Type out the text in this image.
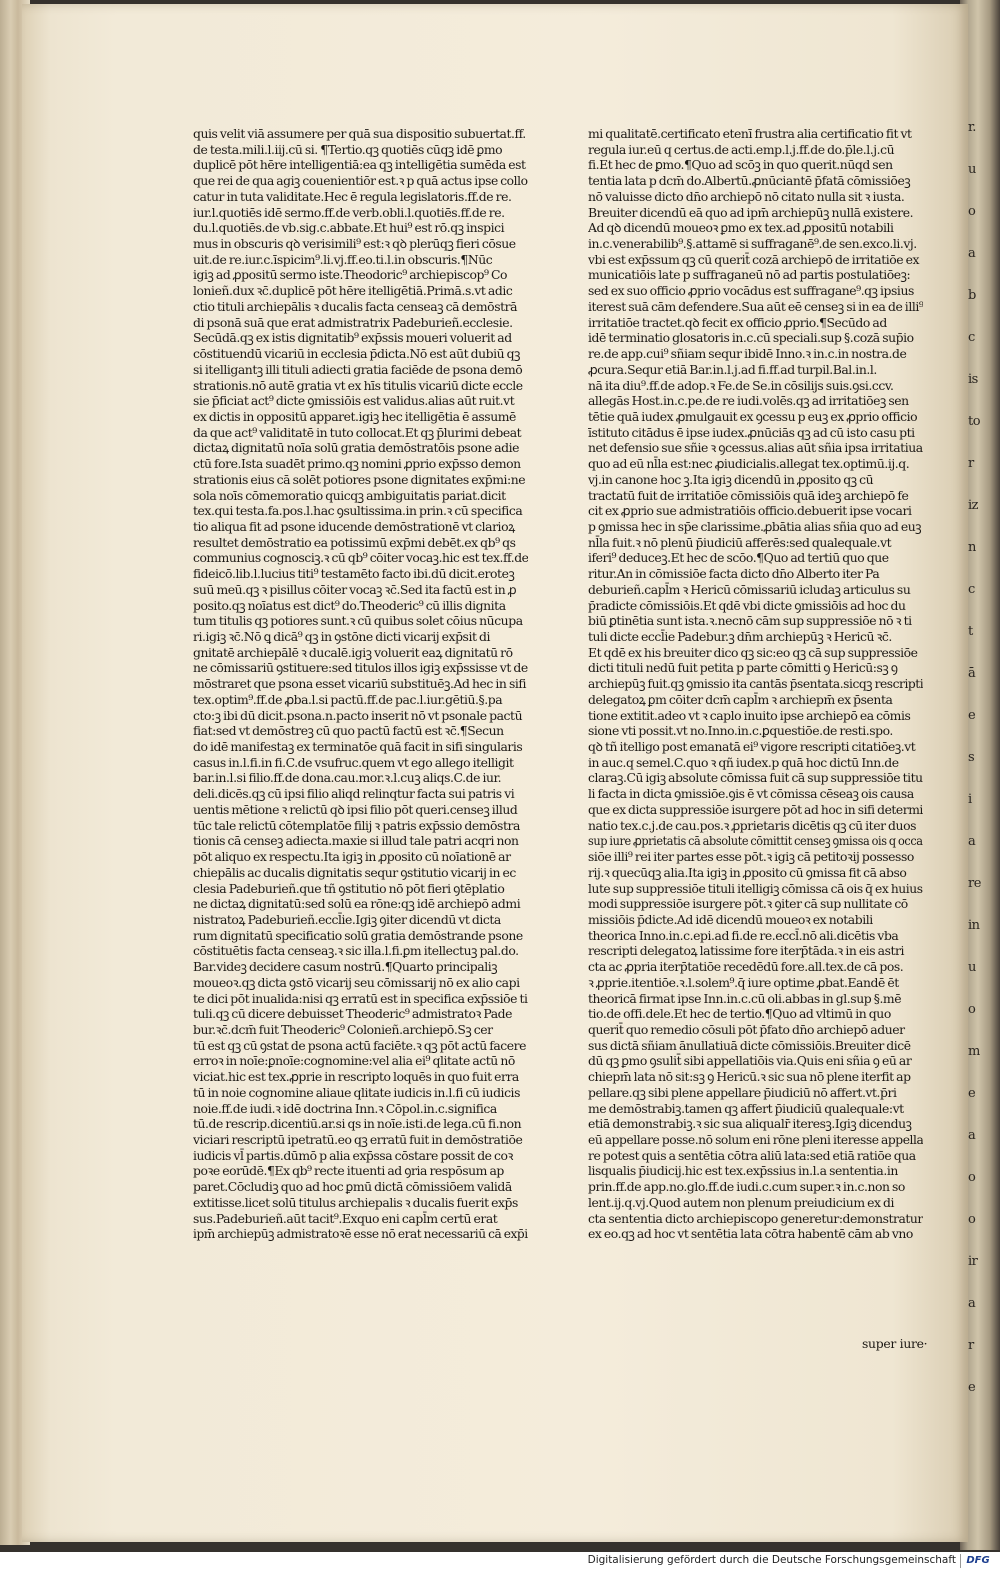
r.
u
o
a
b
c
is
to
r
iz
n
c
t
ā
e
s
i
a
re
in
u
o
m
e
a
o
o
ir
a
r
e
quis velit viā assumere per quā sua dispositio subuertat.ff.
de testa.mili.l.iij.cū si. ¶Tertio.qꝫ quotiēs cūqꝫ idē ꝑmo
duplicē pōt hēre intelligentiā:ea qꝫ intelligētia sumēda est
que rei de qua agiꝫ couenientiōr est.ꝛ p quā actus ipse collo
catur in tuta validitate.Hec ē regula legislatoris.ff.de re.
iur.l.quotiēs idē sermo.ff.de verb.obli.l.quotiēs.ff.de re.
du.l.quotiēs.de vb.sig.c.abbate.Et hui⁹ est rō.qꝫ inspici
mus in obscuris qꝺ verisimili⁹ est:ꝛ qꝺ plerūqꝫ fieri cōsue
uit.de re.iur.c.īspicim⁹.li.vj.ff.eo.ti.l.in obscuris.¶Nūc
igiꝫ ad ꝓpositū sermo iste.Theodoric⁹ archiepiscop⁹ Co
lonieñ.dux ꝛc̄.duplicē pōt hēre itelligētiā.Primā.s.vt adic
ctio tituli archiepālis ꝛ ducalis facta censeaꝫ cā demōstrā
di psonā suā que erat admistratrix Padeburieñ.ecclesie.
Secūdā.qꝫ ex istis dignitatib⁹ exp̄ssis moueri voluerit ad
cōstituendū vicariū in ecclesia p̄dicta.Nō est aūt dubiū qꝫ
si itelligantꝫ illi tituli adiecti gratia faciēde de psona demō
strationis.nō autē gratia vt ex hīs titulis vicariū dicte eccle
sie p̄ficiat act⁹ dicte ꝯmissiōis est validus.alias aūt ruit.vt
ex dictis in oppositū apparet.igiꝫ hec itelligētia ē assumē
da que act⁹ validitatē in tuto collocat.Et qꝫ p̄lurimi debeat
dictaꝝ dignitatū noīa solū gratia demōstratōis psone adie
ctū fore.Ista suadēt primo.qꝫ nomini ꝓprio exp̄sso demon
strationis eius cā solēt potiores psone dignitates exp̄mi:ne
sola noīs cōmemoratio quicqꝫ ambiguitatis pariat.dicit
tex.qui testa.fa.pos.l.hac ꝯsultissima.in prin.ꝛ cū specifica
tio aliqua fit ad psone iducende demōstrationē vt clarioꝝ
resultet demōstratio ea potissimū exp̄mi debēt.ex qb⁹ qs
communius cognosciꝫ.ꝛ cū qb⁹ cōiter vocaꝫ.hic est tex.ff.de
fideicō.lib.l.lucius titi⁹ testamēto facto ibi.dū dicit.eroteꝫ
suū meū.qꝫ ꝛ pisillus cōiter vocaꝫ ꝛc̄.Sed ita factū est in ꝓ
posito.qꝫ noīatus est dict⁹ do.Theoderic⁹ cū illis dignita
tum titulis qꝫ potiores sunt.ꝛ cū quibus solet cōius nūcupa
ri.igiꝫ ꝛc̄.Nō ꝗ dicā⁹ qꝫ in ꝯstōne dicti vicarij exp̄sit di
gnitatē archiepālē ꝛ ducalē.igiꝫ voluerit eaꝝ dignitatū rō
ne cōmissariū ꝯstituere:sed titulos illos igiꝫ exp̄ssisse vt de
mōstraret que psona esset vicariū substituēꝫ.Ad hec in sifi
tex.optim⁹.ff.de ꝓba.l.si pactū.ff.de pac.l.iur.gētiū.§.pa
cto:ꝫ ibi dū dicit.psona.n.pacto inserit nō vt psonale pactū
fiat:sed vt demōstreꝫ cū quo pactū factū est ꝛc̄.¶Secun
do idē manifestaꝫ ex terminatōe quā facit in sifi singularis
casus in.l.fi.in fi.C.de vsufruc.quem vt ego allego itelligit
bar.in.l.si filio.ff.de dona.cau.mor.ꝛ.l.cuꝫ aliqs.C.de iur.
deli.dicēs.qꝫ cū ipsi filio aliqd relinqtur facta sui patris vi
uentis mētione ꝛ relictū qꝺ ipsi filio pōt queri.censeꝫ illud
tūc tale relictū cōtemplatōe filij ꝛ patris exp̄ssio demōstra
tionis cā censeꝫ adiecta.maxie si illud tale patri acqri non
pōt aliquo ex respectu.Ita igiꝫ in ꝓposito cū noīationē ar
chiepālis ac ducalis dignitatis sequr ꝯstitutio vicarij in ec
clesia Padeburieñ.que tñ ꝯstitutio nō pōt fieri ꝯtēplatio
ne dictaꝝ dignitatū:sed solū ea rōne:qꝫ idē archiepō admi
nistratoꝝ Padeburieñ.eccl̄ie.Igiꝫ ꝯiter dicendū vt dicta
rum dignitatū specificatio solū gratia demōstrande psone
cōstituētis facta censeaꝫ.ꝛ sic illa.l.fi.ꝑm itellectuꝫ pal.do.
Bar.videꝫ decidere casum nostrū.¶Quarto principaliꝫ
moueoꝛ.qꝫ dicta ꝯstō vicarij seu cōmissarij nō ex alio capi
te dici pōt inualida:nisi qꝫ erratū est in specifica exp̄ssiōe ti
tuli.qꝫ cū dicere debuisset Theoderic⁹ admistratoꝛ Pade
bur.ꝛc̄.dcm̄ fuit Theoderic⁹ Colonieñ.archiepō.Sꝫ cer
tū est qꝫ cū ꝯstat de psona actū faciēte.ꝛ qꝫ pōt actū facere
erroꝛ in noīe:ꝑnoīe:cognomine:vel alia ei⁹ qlitate actū nō
viciat.hic est tex.ꝓprie in rescripto loquēs in quo fuit erra
tū in noie cognomine aliaue qlitate iudicis in.l.fi cū iudicis
noie.ff.de iudi.ꝛ idē doctrina Inn.ꝛ Cōpol.in.c.significa
tū.de rescrip.dicentiū.ar.si qs in noīe.isti.de lega.cū fi.non
viciari rescriptū ipetratū.eo qꝫ erratū fuit in demōstratiōe
iudicis vl̄ partis.dūmō p alia exp̄ssa cōstare possit de coꝛ
poꝛe eorūdē.¶Ex qb⁹ recte ituenti ad ꝯria respōsum ap
paret.Cōcludiꝫ quo ad hoc ꝑmū dictā cōmissiōem validā
extitisse.licet solū titulus archiepalis ꝛ ducalis fuerit exp̄s
sus.Padeburieñ.aūt tacit⁹.Exquo eni capl̄m certū erat
ipm̄ archiepūꝫ admistratoꝛē esse nō erat necessariū cā exp̄i
mi qualitatē.certificato etenī frustra alia certificatio fit vt
regula iur.eū q certus.de acti.emp.l.j.ff.de do.p̄le.l.j.cū
fi.Et hec de ꝑmo.¶Quo ad scōꝫ in quo querit.nūqd sen
tentia lata p dcm̄ do.Albertū.ꝓnūciantē p̄fatā cōmissiōeꝫ
nō valuisse dicto dn̄o archiepō nō citato nulla sit ꝛ iusta.
Breuiter dicendū eā quo ad ipm̄ archiepūꝫ nullā existere.
Ad qꝺ dicendū moueoꝛ ꝑmo ex tex.ad ꝓpositū notabili
in.c.venerabilib⁹.§.attamē si suffraganē⁹.de sen.exco.li.vj.
vbi est exp̄ssum qꝫ cū querit̄ cozā archiepō de irritatiōe ex
municatiōis late p suffraganeū nō ad partis postulatiōeꝫ:
sed ex suo officio ꝓprio vocādus est suffragane⁹.qꝫ ipsius
iterest suā cām defendere.Sua aūt eē censeꝫ si in ea de illi⁹
irritatiōe tractet.qꝺ fecit ex officio ꝓprio.¶Secūdo ad
idē terminatio glosatoris in.c.cū speciali.sup §.cozā sup̄io
re.de app.cui⁹ sñiam sequr ibidē Inno.ꝛ in.c.in nostra.de
ꝓcura.Sequr etiā Bar.in.l.j.ad fi.ff.ad turpil.Bal.in.l.
nā ita diu⁹.ff.de adop.ꝛ Fe.de Se.in cōsilijs suis.ꝯsi.ccv.
allegās Host.in.c.pe.de re iudi.volēs.qꝫ ad irritatiōeꝫ sen
tētie quā iudex ꝓmulgauit ex ꝯcessu p euꝫ ex ꝓprio officio
īstituto citādus ē ipse iudex.ꝓnūciās qꝫ ad cū isto casu pti
net defensio sue sñie ꝛ ꝯcessus.alias aūt sñia ipsa irritatiua
quo ad eū nl̄la est:nec ꝓiudicialis.allegat tex.optimū.ij.q.
vj.in canone hoc ꝫ.Ita igiꝫ dicendū in ꝓposito qꝫ cū
tractatū fuit de irritatiōe cōmissiōis quā ideꝫ archiepō fe
cit ex ꝓprio sue admistratiōis officio.debuerit ipse vocari
p ꝯmissa hec in sp̄e clarissime.ꝓbātia alias sñia quo ad euꝫ
nl̄la fuit.ꝛ nō plenū p̄iudiciū afferēs:sed qualequale.vt
iferi⁹ deduceꝫ.Et hec de scōo.¶Quo ad tertiū quo que
ritur.An in cōmissiōe facta dicto dn̄o Alberto iter Pa
deburieñ.capl̄m ꝛ Hericū cōmissariū icludaꝫ articulus su
p̄radicte cōmissiōis.Et qdē vbi dicte ꝯmissiōis ad hoc du
biū ꝑtinētia sunt ista.ꝛ.necnō cām sup suppressiōe nō ꝛ ti
tuli dicte eccl̄ie Padebur.ꝫ dn̄m archiepūꝫ ꝛ Hericū ꝛc̄.
Et qdē ex his breuiter dico qꝫ sic:eo qꝫ cā sup suppressiōe
dicti tituli nedū fuit petita p parte cōmitti ꝯ Hericū:sꝫ ꝯ
archiepūꝫ fuit.qꝫ ꝯmissio ita cantās p̄sentata.sicqꝫ rescripti
delegatoꝝ ꝑm cōiter dcm̄ capl̄m ꝛ archiepm̄ ex p̄senta
tione extitit.adeo vt ꝛ caplo inuito ipse archiepō ea cōmis
sione vti possit.vt no.Inno.in.c.ꝑquestiōe.de resti.spo.
qꝺ tñ itelligo post emanatā ei⁹ vigore rescripti citatiōeꝫ.vt
in auc.q semel.C.quo ꝛ qñ iudex.p quā hoc dictū Inn.de
claraꝫ.Cū igiꝫ absolute cōmissa fuit cā sup suppressiōe titu
li facta in dicta ꝯmissiōe.ꝯis ē vt cōmissa cēseaꝫ ois causa
que ex dicta suppressiōe isurgere pōt ad hoc in sifi determi
natio tex.c.j.de cau.pos.ꝛ ꝓprietaris dicētis qꝫ cū iter duos
sup iure ꝓprietatis cā absolute cōmittit censeꝫ ꝯmissa ois q occa
siōe illi⁹ rei iter partes esse pōt.ꝛ igiꝫ cā petitoꝛij possesso
rij.ꝛ quecūqꝫ alia.Ita igiꝫ in ꝓposito cū ꝯmissa fit cā abso
lute sup suppressiōe tituli itelligiꝫ cōmissa cā ois q̄ ex huius
modi suppressiōe isurgere pōt.ꝛ ꝯiter cā sup nullitate cō
missiōis p̄dicte.Ad idē dicendū moueoꝛ ex notabili
theorica Inno.in.c.epi.ad fi.de re.eccl̄.nō ali.dicētis vba
rescripti delegatoꝝ latissime fore iterp̄tāda.ꝛ in eis astri
cta ac ꝓpria iterp̄tatiōe recedēdū fore.all.tex.de cā pos.
ꝛ ꝓprie.itentiōe.ꝛ.l.solem⁹.q̄ iure optime ꝓbat.Eandē ēt
theoricā firmat ipse Inn.in.c.cū oli.abbas in gl.sup §.mē
tio.de offi.dele.Et hec de tertio.¶Quo ad vltimū in quo
querit̄ quo remedio cōsuli pōt p̄fato dn̄o archiepō aduer
sus dictā sñiam ānullatiuā dicte cōmissiōis.Breuiter dicē
dū qꝫ ꝑmo ꝯsulit̄ sibi appellatiōis via.Quis eni sñia ꝯ eū ar
chiepm̄ lata nō sit:sꝫ ꝯ Hericū.ꝛ sic sua nō plene iterfit ap
pellare.qꝫ sibi plene appellare p̄iudiciū nō affert.vt.p̄ri
me demōstrabiꝫ.tamen qꝫ affert p̄iudiciū qualequale:vt
etiā demonstrabiꝫ.ꝛ sic sua aliqualr̄ iteresꝫ.Igiꝫ dicenduꝫ
eū appellare posse.nō solum eni rōne pleni iteresse appella
re potest quis a sentētia cōtra aliū lata:sed etiā ratiōe qua
lisqualis p̄iudicij.hic est tex.exp̄ssius in.l.a sententia.in
prin.ff.de app.no.glo.ff.de iudi.c.cum super.ꝛ in.c.non so
lent.ij.q.vj.Quod autem non plenum preiudicium ex di
cta sententia dicto archiepiscopo generetur:demonstratur
ex eo.qꝫ ad hoc vt sentētia lata cōtra habentē cām ab vno
super iure·
Digitalisierung gefördert durch die Deutsche Forschungsgemeinschaft	DFG
